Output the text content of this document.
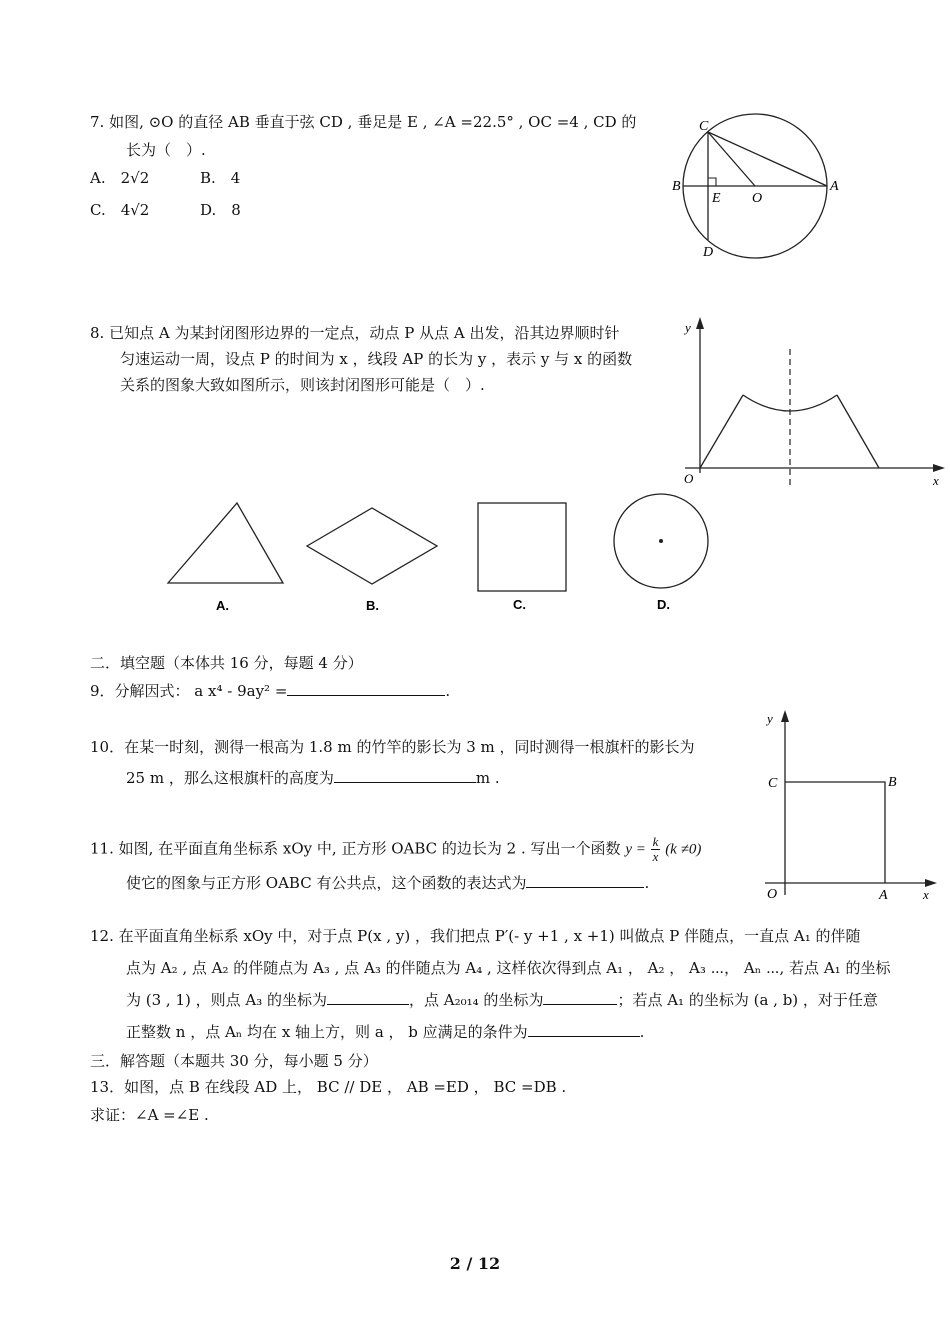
7. 如图, ⊙O 的直径 AB 垂直于弦 CD , 垂足是 E , ∠A =22.5° , OC =4 , CD 的
长为（　）.
A.　2√2	B.　4
C.　4√2	D.　8
C
B
E O
A
D
8. 已知点 A 为某封闭图形边界的一定点，动点 P 从点 A 出发，沿其边界顺时针
匀速运动一周，设点 P 的时间为 x ，线段 AP 的长为 y ，表示 y 与 x 的函数
关系的图象大致如图所示，则该封闭图形可能是（　）.
y
x
O
A.	B.	C.	D.
二．填空题（本体共 16 分，每题 4 分）
9．分解因式： a x⁴ - 9ay² =	.
10．在某一时刻，测得一根高为 1.8 m 的竹竿的影长为 3 m ，同时测得一根旗杆的影长为
25 m ，那么这根旗杆的高度为	m .
11. 如图, 在平面直角坐标系 xOy 中, 正方形 OABC 的边长为 2 . 写出一个函数 $y = \frac{k}{x} (k \ne 0)$
使它的图象与正方形 OABC 有公共点，这个函数的表达式为	.
y
x
O	A
B
C
12. 在平面直角坐标系 xOy 中，对于点 P(x , y) ，我们把点 P′(- y +1 , x +1) 叫做点 P 伴随点，一直点 A₁ 的伴随
点为 A₂ , 点 A₂ 的伴随点为 A₃ , 点 A₃ 的伴随点为 A₄ , 这样依次得到点 A₁ ， A₂ ， A₃ ⋯， Aₙ ⋯, 若点 A₁ 的坐标
为 (3 , 1) ，则点 A₃ 的坐标为	，点 A₂₀₁₄ 的坐标为	；若点 A₁ 的坐标为 (a , b) ，对于任意
正整数 n ，点 Aₙ 均在 x 轴上方，则 a ， b 应满足的条件为	.
三．解答题（本题共 30 分，每小题 5 分）
13．如图，点 B 在线段 AD 上， BC // DE ， AB =ED ， BC =DB .
求证：∠A =∠E .
2 / 12
